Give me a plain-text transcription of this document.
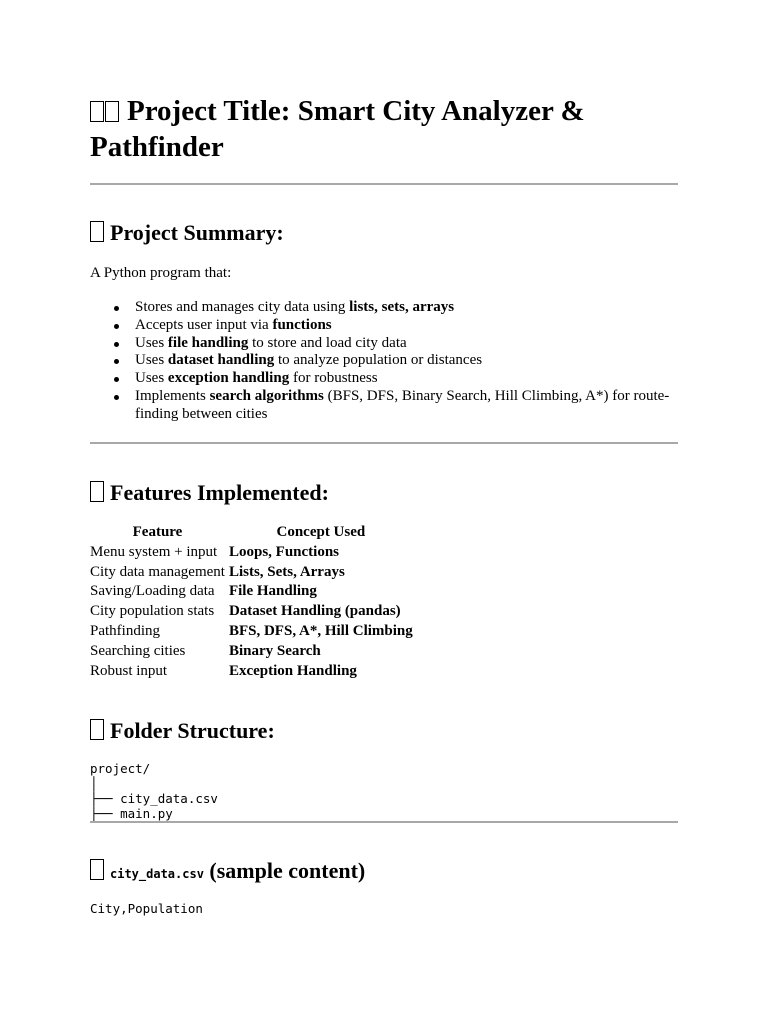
Project Title: Smart City Analyzer & Pathfinder
Project Summary:
A Python program that:
Stores and manages city data using lists, sets, arrays
Accepts user input via functions
Uses file handling to store and load city data
Uses dataset handling to analyze population or distances
Uses exception handling for robustness
Implements search algorithms (BFS, DFS, Binary Search, Hill Climbing, A*) for route-finding between cities
Features Implemented:
Feature	Concept Used
Menu system + input	Loops, Functions
City data management	Lists, Sets, Arrays
Saving/Loading data	File Handling
City population stats	Dataset Handling (pandas)
Pathfinding	BFS, DFS, A*, Hill Climbing
Searching cities	Binary Search
Robust input	Exception Handling
Folder Structure:
project/
│
├── city_data.csv
├── main.py
city_data.csv (sample content)
City,Population
